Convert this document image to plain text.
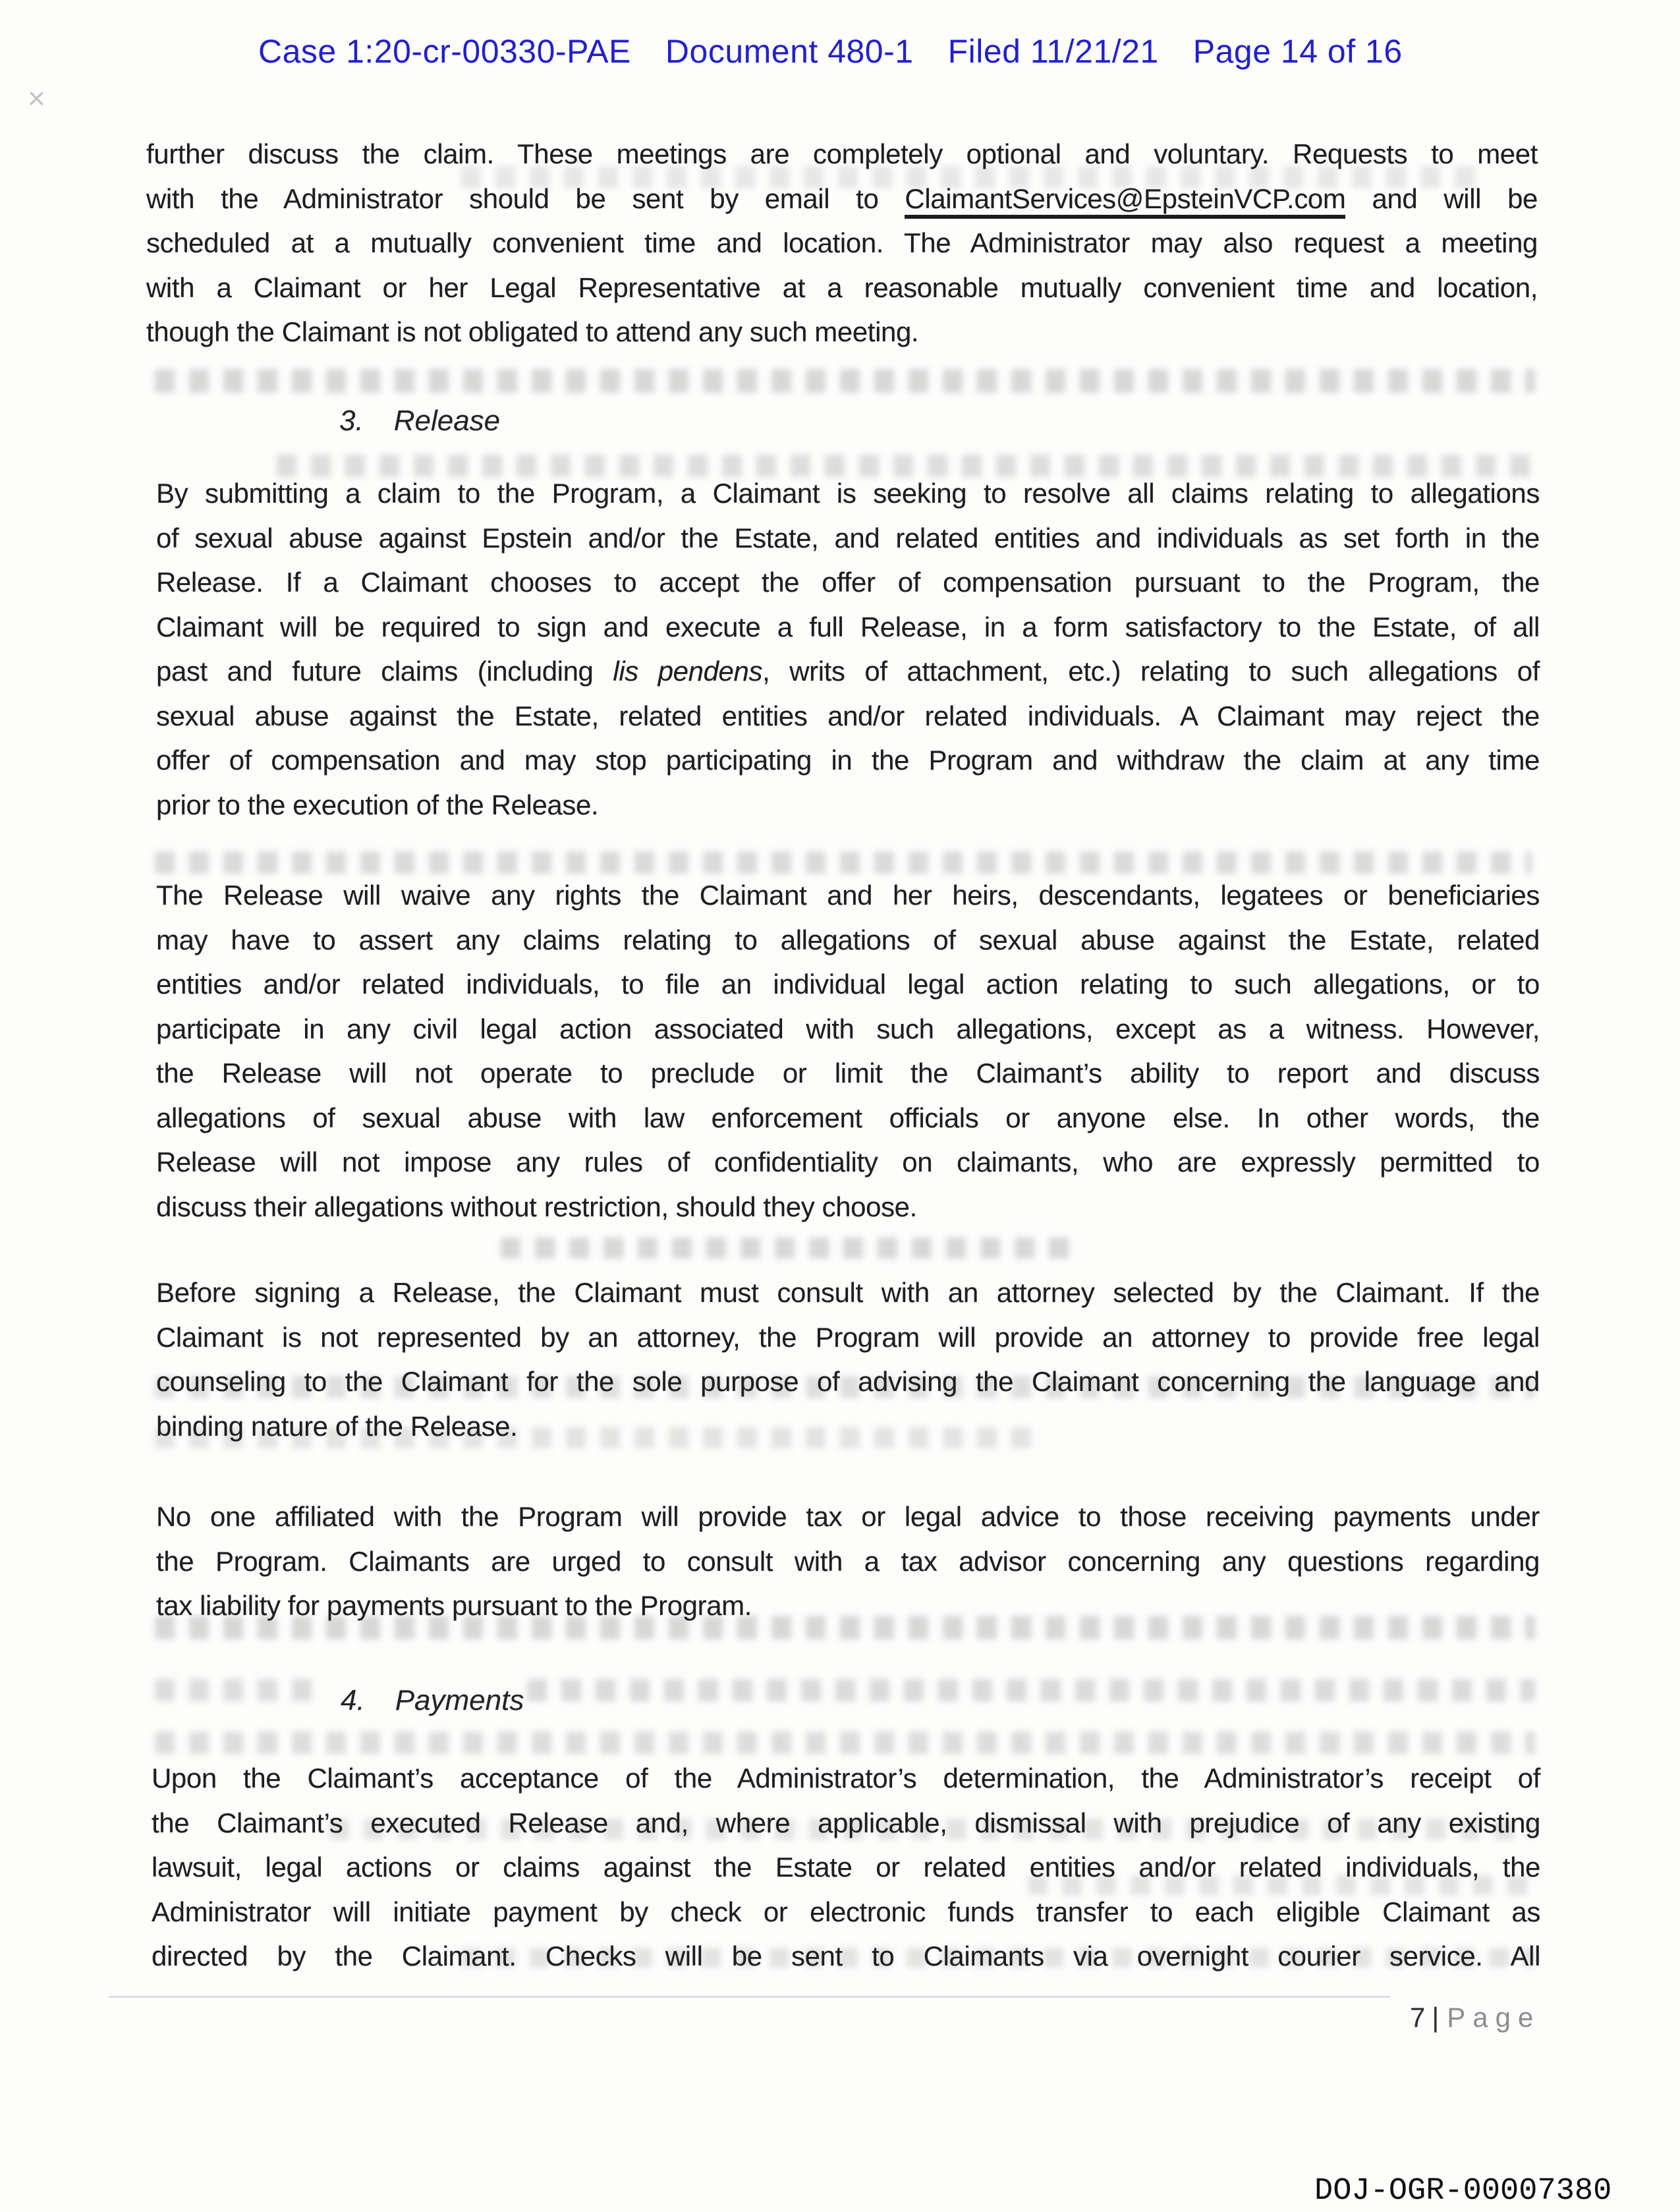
×
Case 1:20-cr-00330-PAE Document 480-1 Filed 11/21/21 Page 14 of 16
further discuss the claim. These meetings are completely optional and voluntary. Requests to meet
with the Administrator should be sent by email to ClaimantServices@EpsteinVCP.com and will be
scheduled at a mutually convenient time and location. The Administrator may also request a meeting
with a Claimant or her Legal Representative at a reasonable mutually convenient time and location,
though the Claimant is not obligated to attend any such meeting.
3. Release
By submitting a claim to the Program, a Claimant is seeking to resolve all claims relating to allegations
of sexual abuse against Epstein and/or the Estate, and related entities and individuals as set forth in the
Release. If a Claimant chooses to accept the offer of compensation pursuant to the Program, the
Claimant will be required to sign and execute a full Release, in a form satisfactory to the Estate, of all
past and future claims (including lis pendens, writs of attachment, etc.) relating to such allegations of
sexual abuse against the Estate, related entities and/or related individuals. A Claimant may reject the
offer of compensation and may stop participating in the Program and withdraw the claim at any time
prior to the execution of the Release.
The Release will waive any rights the Claimant and her heirs, descendants, legatees or beneficiaries
may have to assert any claims relating to allegations of sexual abuse against the Estate, related
entities and/or related individuals, to file an individual legal action relating to such allegations, or to
participate in any civil legal action associated with such allegations, except as a witness. However,
the Release will not operate to preclude or limit the Claimant’s ability to report and discuss
allegations of sexual abuse with law enforcement officials or anyone else. In other words, the
Release will not impose any rules of confidentiality on claimants, who are expressly permitted to
discuss their allegations without restriction, should they choose.
Before signing a Release, the Claimant must consult with an attorney selected by the Claimant. If the
Claimant is not represented by an attorney, the Program will provide an attorney to provide free legal
counseling to the Claimant for the sole purpose of advising the Claimant concerning the language and
binding nature of the Release.
No one affiliated with the Program will provide tax or legal advice to those receiving payments under
the Program. Claimants are urged to consult with a tax advisor concerning any questions regarding
tax liability for payments pursuant to the Program.
4. Payments
Upon the Claimant’s acceptance of the Administrator’s determination, the Administrator’s receipt of
the Claimant’s executed Release and, where applicable, dismissal with prejudice of any existing
lawsuit, legal actions or claims against the Estate or related entities and/or related individuals, the
Administrator will initiate payment by check or electronic funds transfer to each eligible Claimant as
directed by the Claimant. Checks will be sent to Claimants via overnight courier service. All
7 | Page
DOJ-OGR-00007380
